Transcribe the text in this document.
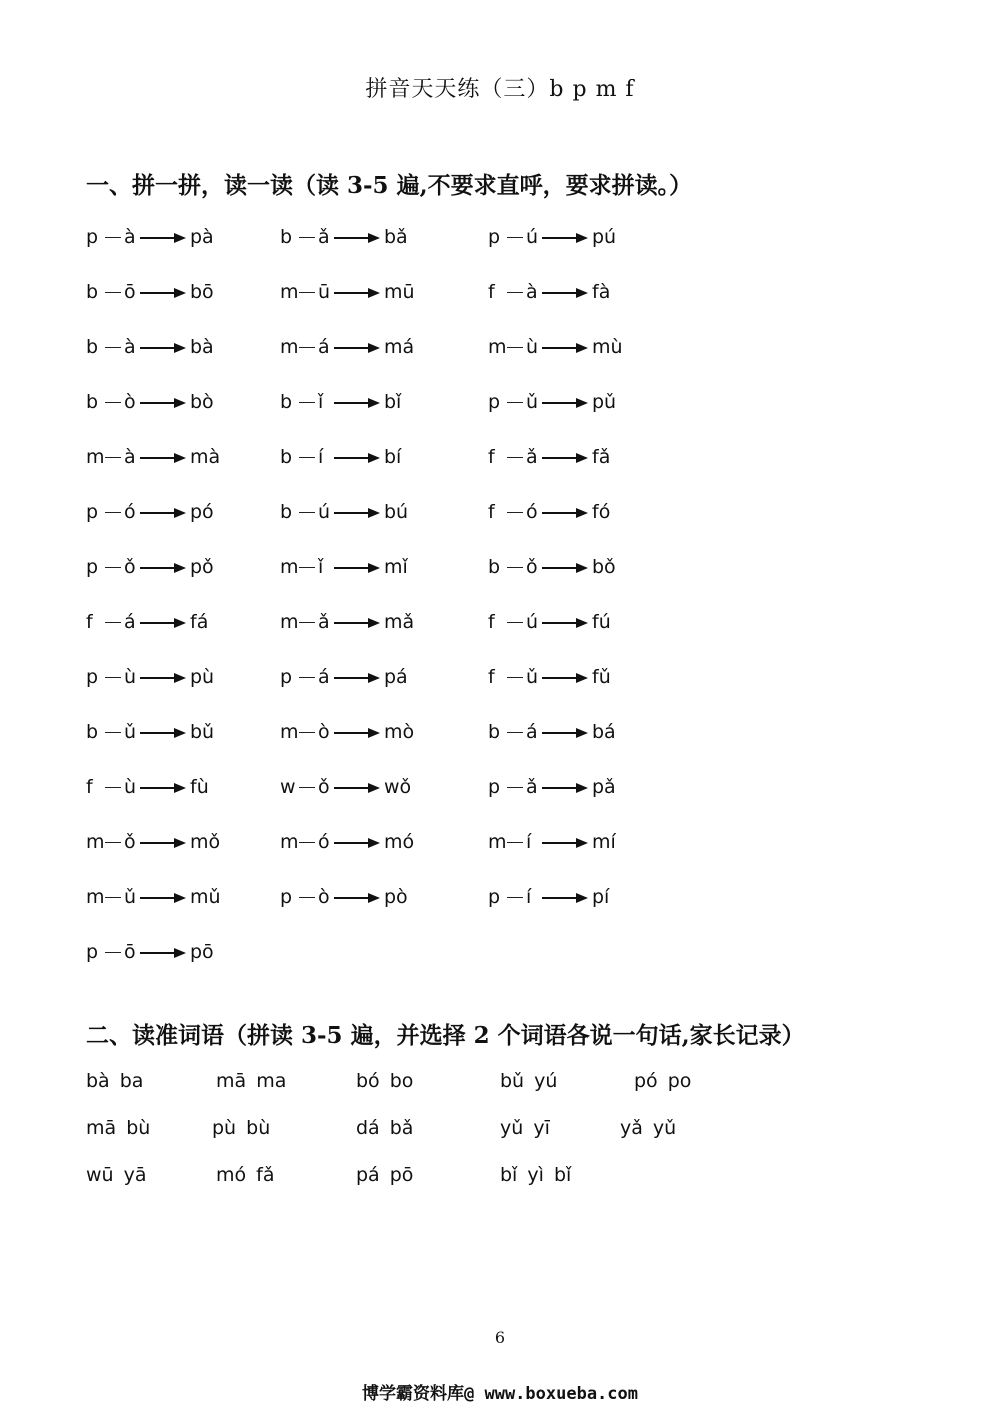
拼音天天练（三）b p m f
一、拼一拼，读一读（读 3-5 遍,不要求直呼，要求拼读。）
p à	pà	b ǎ	bǎ	p ú	pú
b ō	bō	m ū	mū	f à	fà
b à	bà	m á	má	m ù	mù
b ò	bò	b ǐ	bǐ	p ǔ	pǔ
m à	mà	b í	bí	f ǎ	fǎ
p ó	pó	b ú	bú	f ó	fó
p ǒ	pǒ	m ǐ	mǐ	b ǒ	bǒ
f á	fá	m ǎ	mǎ	f ú	fú
p ù	pù	p á	pá	f ǔ	fǔ
b ǔ	bǔ	m ò	mò	b á	bá
f ù	fù	w ǒ	wǒ	p ǎ	pǎ
m ǒ	mǒ	m ó	mó	m í	mí
m ǔ	mǔ	p ò	pò	p í	pí
p ō	pō
二、读准词语（拼读 3-5 遍，并选择 2 个词语各说一句话,家长记录）
bà ba	mā ma	bó bo	bǔ yú	pó po
mā bù	pù bù	dá bǎ	yǔ yī	yǎ yǔ
wū yā	mó fǎ	pá pō	bǐ yì bǐ
6
博学霸资料库@ www.boxueba.com
